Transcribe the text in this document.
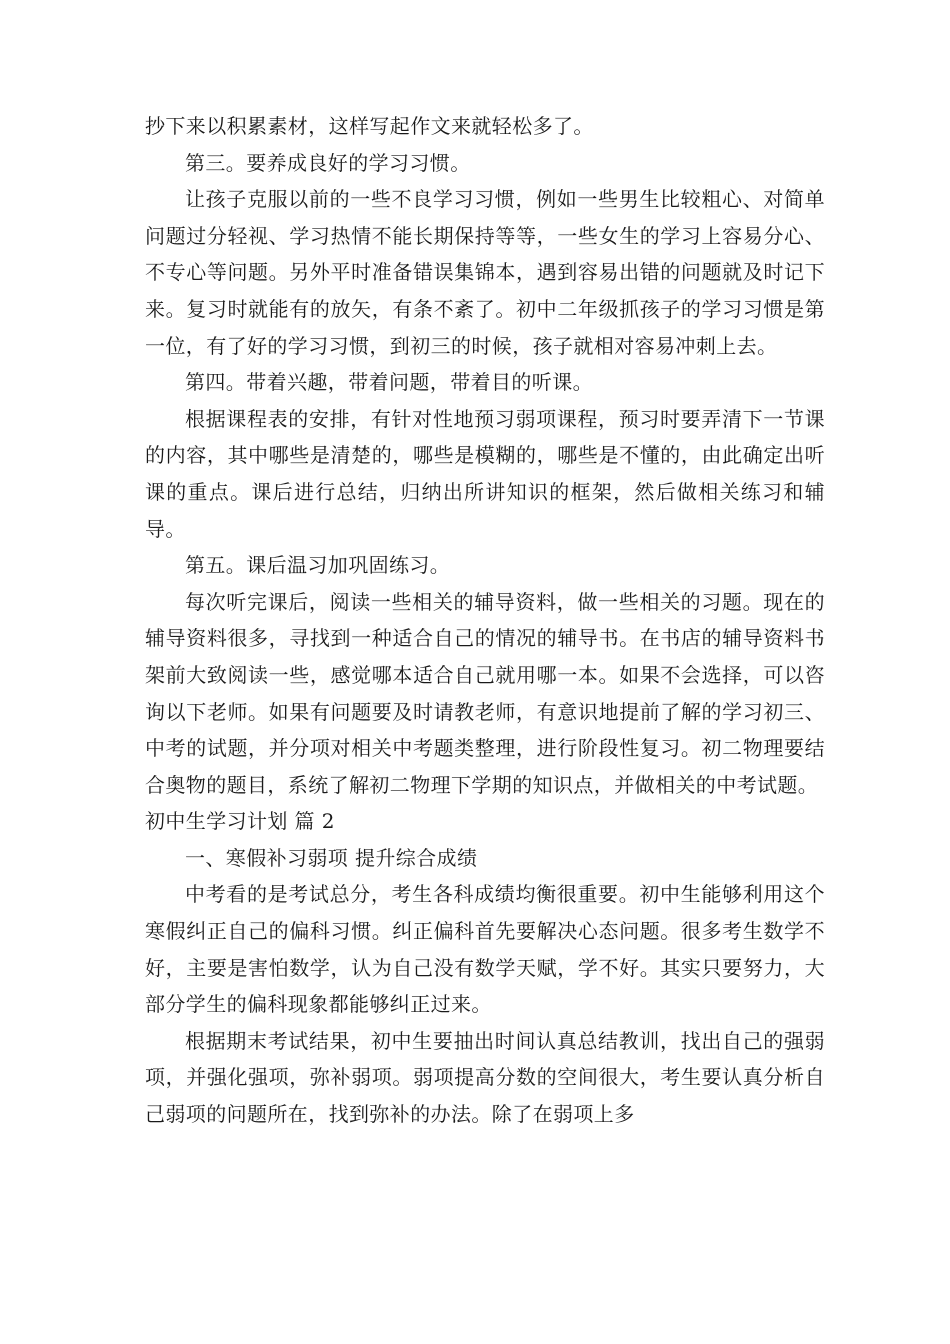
抄下来以积累素材，这样写起作文来就轻松多了。

第三。要养成良好的学习习惯。

让孩子克服以前的一些不良学习习惯，例如一些男生比较粗心、对简单问题过分轻视、学习热情不能长期保持等等，一些女生的学习上容易分心、不专心等问题。另外平时准备错误集锦本，遇到容易出错的问题就及时记下来。复习时就能有的放矢，有条不紊了。初中二年级抓孩子的学习习惯是第一位，有了好的学习习惯，到初三的时候，孩子就相对容易冲刺上去。

第四。带着兴趣，带着问题，带着目的听课。

根据课程表的安排，有针对性地预习弱项课程，预习时要弄清下一节课的内容，其中哪些是清楚的，哪些是模糊的，哪些是不懂的，由此确定出听课的重点。课后进行总结，归纳出所讲知识的框架，然后做相关练习和辅导。

第五。课后温习加巩固练习。

每次听完课后，阅读一些相关的辅导资料，做一些相关的习题。现在的辅导资料很多，寻找到一种适合自己的情况的辅导书。在书店的辅导资料书架前大致阅读一些，感觉哪本适合自己就用哪一本。如果不会选择，可以咨询以下老师。如果有问题要及时请教老师，有意识地提前了解的学习初三、中考的试题，并分项对相关中考题类整理，进行阶段性复习。初二物理要结合奥物的题目，系统了解初二物理下学期的知识点，并做相关的中考试题。

初中生学习计划 篇 2

一、寒假补习弱项 提升综合成绩

中考看的是考试总分，考生各科成绩均衡很重要。初中生能够利用这个寒假纠正自己的偏科习惯。纠正偏科首先要解决心态问题。很多考生数学不好，主要是害怕数学，认为自己没有数学天赋，学不好。其实只要努力，大部分学生的偏科现象都能够纠正过来。

根据期末考试结果，初中生要抽出时间认真总结教训，找出自己的强弱项，并强化强项，弥补弱项。弱项提高分数的空间很大，考生要认真分析自己弱项的问题所在，找到弥补的办法。除了在弱项上多
